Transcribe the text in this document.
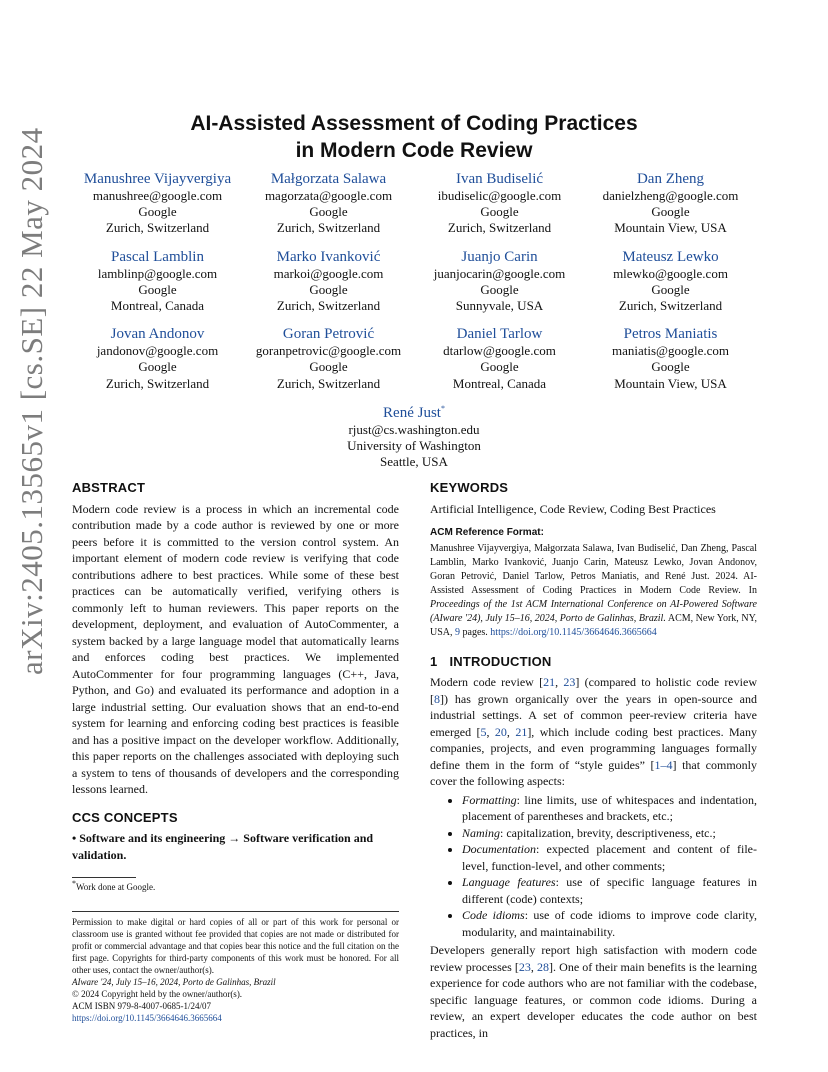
arXiv:2405.13565v1 [cs.SE] 22 May 2024
AI-Assisted Assessment of Coding Practices
in Modern Code Review
Manushree Vijayvergiya
manushree@google.com
Google
Zurich, Switzerland
Małgorzata Salawa
magorzata@google.com
Google
Zurich, Switzerland
Ivan Budiselić
ibudiselic@google.com
Google
Zurich, Switzerland
Dan Zheng
danielzheng@google.com
Google
Mountain View, USA
Pascal Lamblin
lamblinp@google.com
Google
Montreal, Canada
Marko Ivanković
markoi@google.com
Google
Zurich, Switzerland
Juanjo Carin
juanjocarin@google.com
Google
Sunnyvale, USA
Mateusz Lewko
mlewko@google.com
Google
Zurich, Switzerland
Jovan Andonov
jandonov@google.com
Google
Zurich, Switzerland
Goran Petrović
goranpetrovic@google.com
Google
Zurich, Switzerland
Daniel Tarlow
dtarlow@google.com
Google
Montreal, Canada
Petros Maniatis
maniatis@google.com
Google
Mountain View, USA
René Just*
rjust@cs.washington.edu
University of Washington
Seattle, USA
ABSTRACT

Modern code review is a process in which an incremental code contribution made by a code author is reviewed by one or more peers before it is committed to the version control system. An important element of modern code review is verifying that code contributions adhere to best practices. While some of these best practices can be automatically verified, verifying others is commonly left to human reviewers. This paper reports on the development, deployment, and evaluation of AutoCommenter, a system backed by a large language model that automatically learns and enforces coding best practices. We implemented AutoCommenter for four programming languages (C++, Java, Python, and Go) and evaluated its performance and adoption in a large industrial setting. Our evaluation shows that an end-to-end system for learning and enforcing coding best practices is feasible and has a positive impact on the developer workflow. Additionally, this paper reports on the challenges associated with deploying such a system to tens of thousands of developers and the corresponding lessons learned.

CCS CONCEPTS
• Software and its engineering → Software verification and validation.
*Work done at Google.
Permission to make digital or hard copies of all or part of this work for personal or classroom use is granted without fee provided that copies are not made or distributed for profit or commercial advantage and that copies bear this notice and the full citation on the first page. Copyrights for third-party components of this work must be honored. For all other uses, contact the owner/author(s).
AIware '24, July 15–16, 2024, Porto de Galinhas, Brazil
© 2024 Copyright held by the owner/author(s).
ACM ISBN 979-8-4007-0685-1/24/07
https://doi.org/10.1145/3664646.3665664
KEYWORDS

Artificial Intelligence, Code Review, Coding Best Practices

ACM Reference Format:
Manushree Vijayvergiya, Małgorzata Salawa, Ivan Budiselić, Dan Zheng, Pascal Lamblin, Marko Ivanković, Juanjo Carin, Mateusz Lewko, Jovan Andonov, Goran Petrović, Daniel Tarlow, Petros Maniatis, and René Just. 2024. AI-Assisted Assessment of Coding Practices in Modern Code Review. In Proceedings of the 1st ACM International Conference on AI-Powered Software (AIware '24), July 15–16, 2024, Porto de Galinhas, Brazil. ACM, New York, NY, USA, 9 pages. https://doi.org/10.1145/3664646.3665664
1 INTRODUCTION

Modern code review [21, 23] (compared to holistic code review [8]) has grown organically over the years in open-source and industrial settings. A set of common peer-review criteria have emerged [5, 20, 21], which include coding best practices. Many companies, projects, and even programming languages formally define them in the form of “style guides” [1–4] that commonly cover the following aspects:

• Formatting: line limits, use of whitespaces and indentation, placement of parentheses and brackets, etc.;
• Naming: capitalization, brevity, descriptiveness, etc.;
• Documentation: expected placement and content of file-level, function-level, and other comments;
• Language features: use of specific language features in different (code) contexts;
• Code idioms: use of code idioms to improve code clarity, modularity, and maintainability.

Developers generally report high satisfaction with modern code review processes [23, 28]. One of their main benefits is the learning experience for code authors who are not familiar with the codebase, specific language features, or common code idioms. During a review, an expert developer educates the code author on best practices, in
